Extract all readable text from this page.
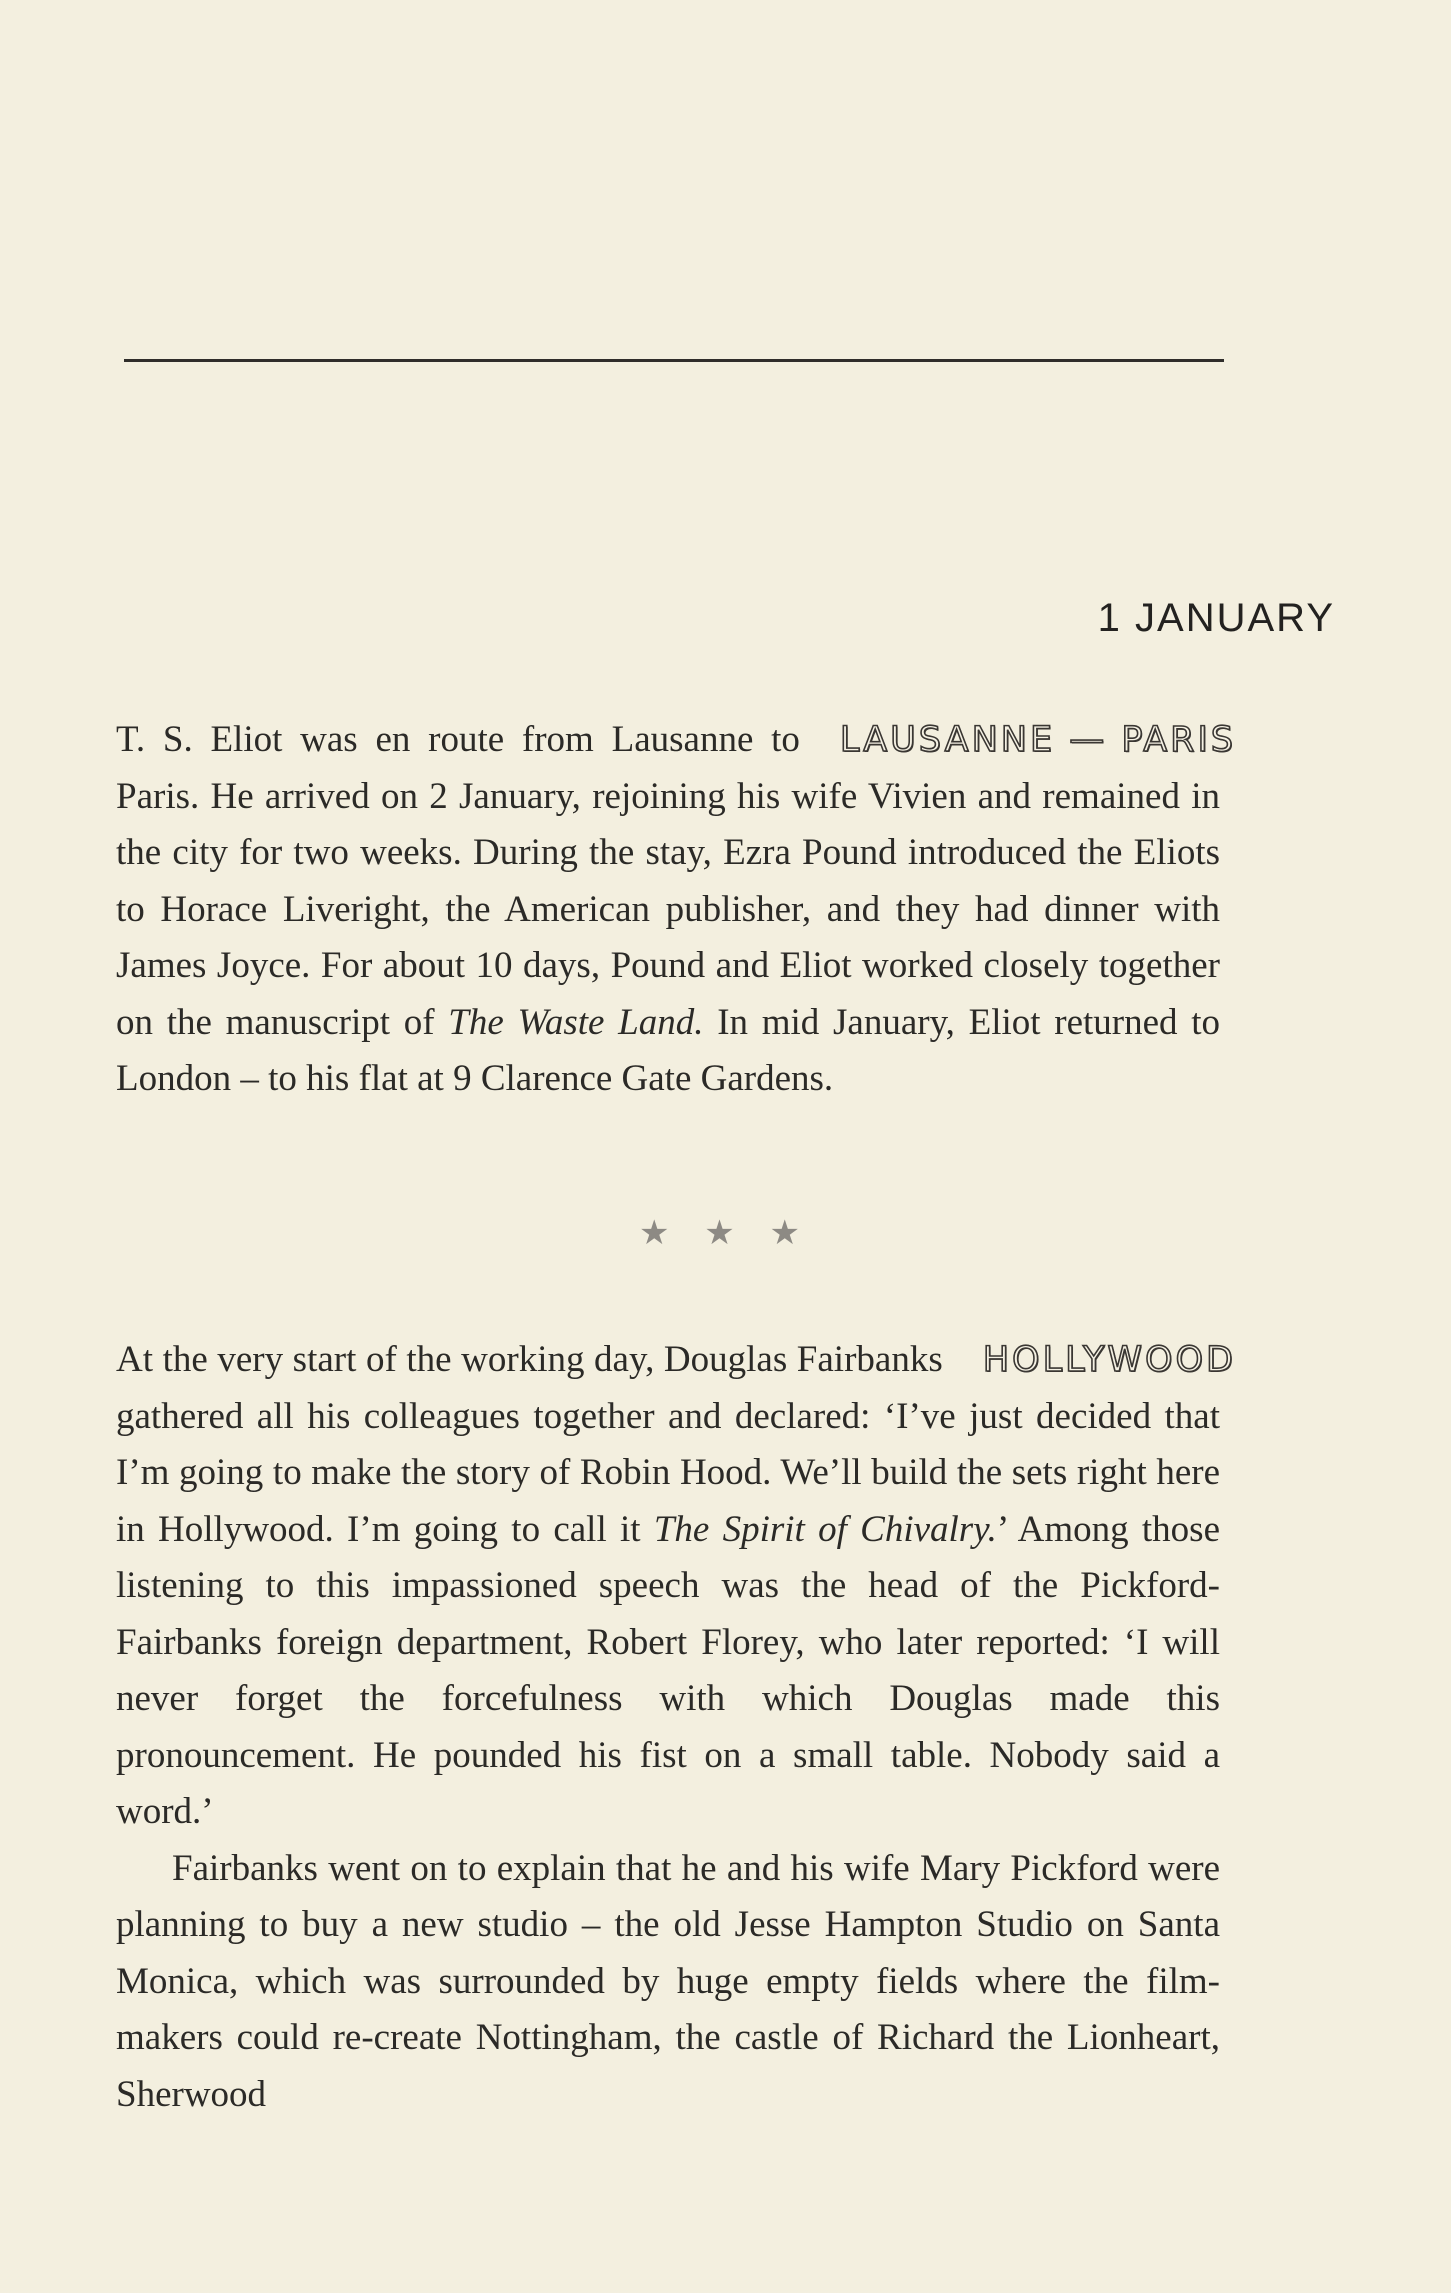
1 JANUARY

LAUSANNE — PARIS
T. S. Eliot was en route from Lausanne to Paris. He arrived on 2 January, rejoining his wife Vivien and remained in the city for two weeks. During the stay, Ezra Pound introduced the Eliots to Horace Liveright, the American publisher, and they had dinner with James Joyce. For about 10 days, Pound and Eliot worked closely together on the manuscript of The Waste Land. In mid January, Eliot returned to London – to his flat at 9 Clarence Gate Gardens.

★ ★ ★

HOLLYWOOD
At the very start of the working day, Douglas Fairbanks gathered all his colleagues together and declared: ‘I’ve just decided that I’m going to make the story of Robin Hood. We’ll build the sets right here in Hollywood. I’m going to call it The Spirit of Chivalry.’ Among those listening to this impassioned speech was the head of the Pickford-Fairbanks foreign department, Robert Florey, who later reported: ‘I will never forget the forcefulness with which Douglas made this pronouncement. He pounded his fist on a small table. Nobody said a word.’

Fairbanks went on to explain that he and his wife Mary Pickford were planning to buy a new studio – the old Jesse Hampton Studio on Santa Monica, which was surrounded by huge empty fields where the film-makers could re-create Nottingham, the castle of Richard the Lionheart, Sherwood
